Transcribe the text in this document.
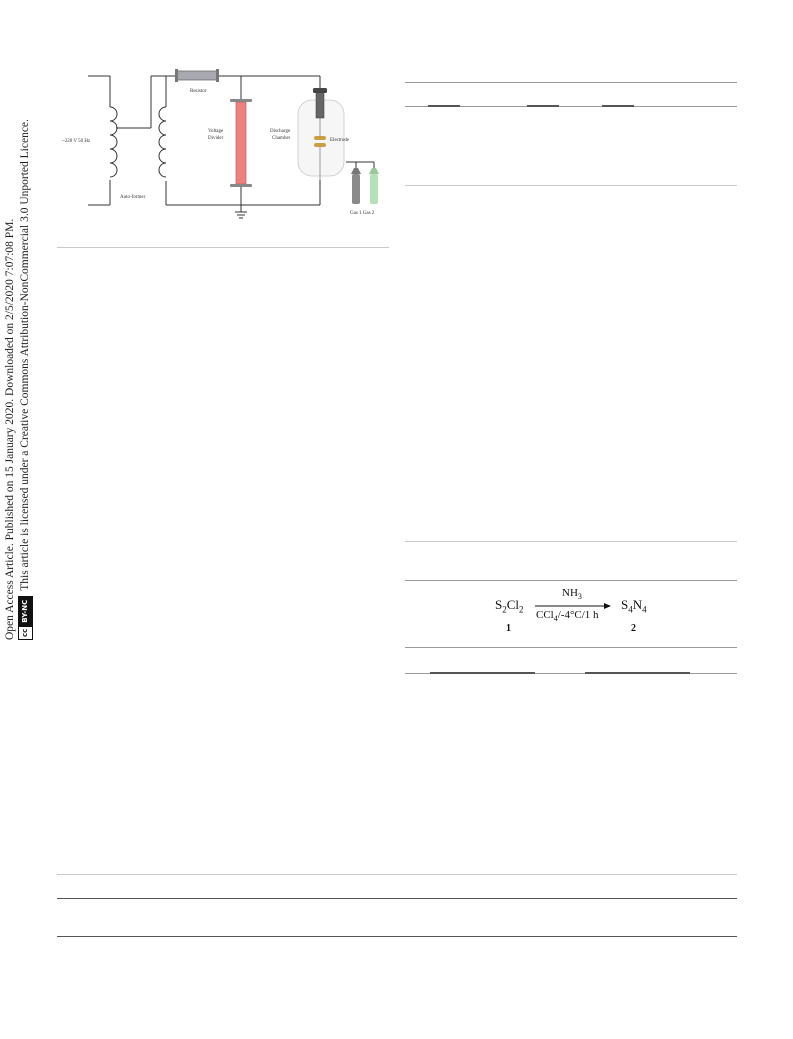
Open Access Article. Published on 15 January 2020. Downloaded on 2/5/2020 7:07:08 PM. cc
BY-NC
This article is licensed under a Creative Commons Attribution-NonCommercial 3.0 Unported Licence.	~220 V 50 Hz
Resistor
Voltage
Divider
Discharge
Chamber	Electrode
Auto-former
Gas 1 Gas 2
$S_2Cl_2$
1
$NH_3$
CCl$_4$/-4°C/1 h
$S_4N_4$
2
